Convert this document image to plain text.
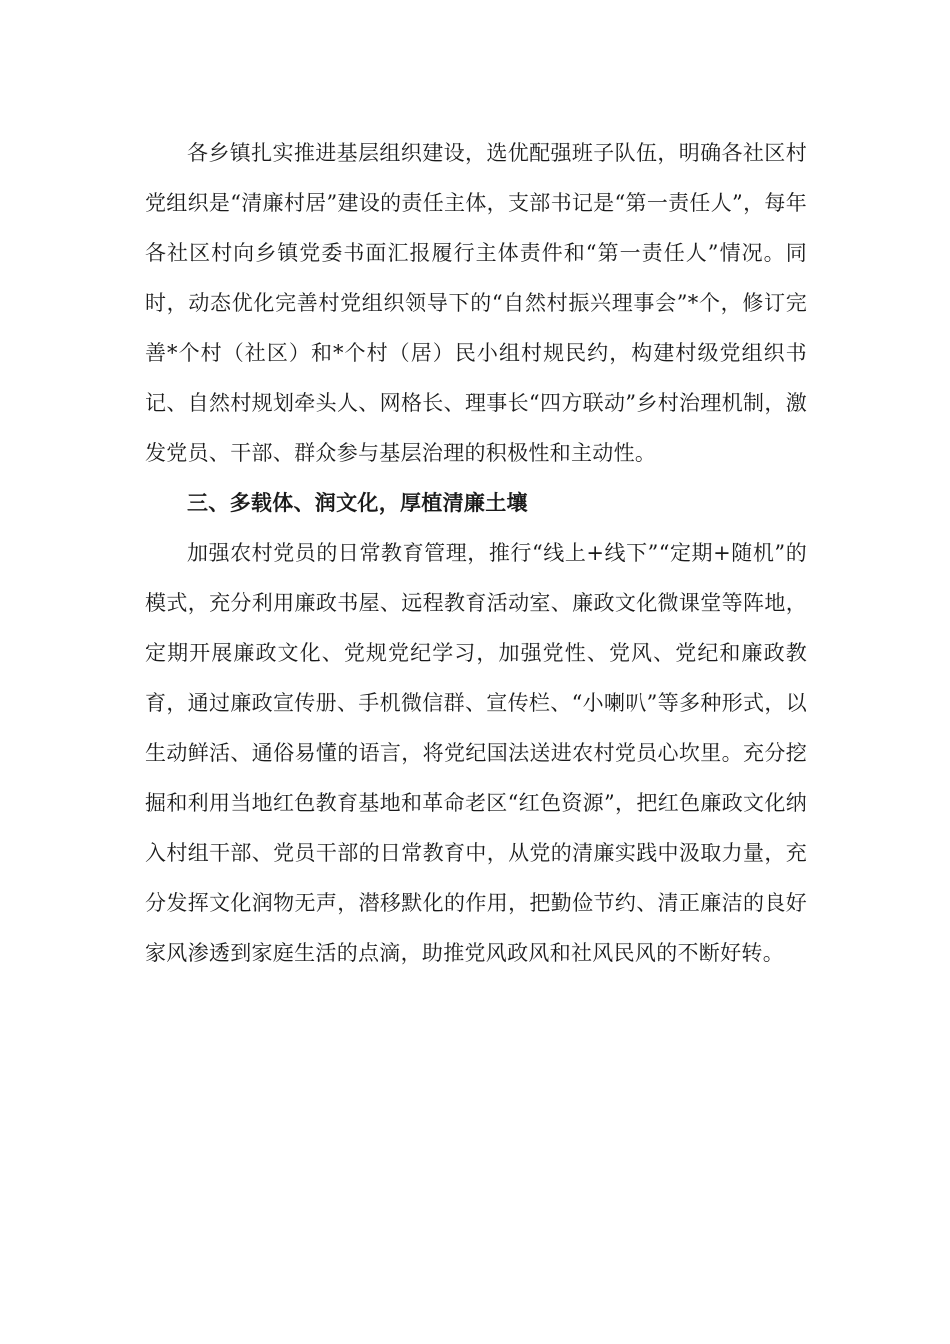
各乡镇扎实推进基层组织建设，选优配强班子队伍，明确各社区村党组织是“清廉村居”建设的责任主体，支部书记是“第一责任人”，每年各社区村向乡镇党委书面汇报履行主体责件和“第一责任人”情况。同时，动态优化完善村党组织领导下的“自然村振兴理事会”*个，修订完善*个村（社区）和*个村（居）民小组村规民约，构建村级党组织书记、自然村规划牵头人、网格长、理事长“四方联动”乡村治理机制，激发党员、干部、群众参与基层治理的积极性和主动性。

三、多载体、润文化，厚植清廉土壤

加强农村党员的日常教育管理，推行“线上+线下”“定期+随机”的模式，充分利用廉政书屋、远程教育活动室、廉政文化微课堂等阵地，定期开展廉政文化、党规党纪学习，加强党性、党风、党纪和廉政教育，通过廉政宣传册、手机微信群、宣传栏、“小喇叭”等多种形式，以生动鲜活、通俗易懂的语言，将党纪国法送进农村党员心坎里。充分挖掘和利用当地红色教育基地和革命老区“红色资源”，把红色廉政文化纳入村组干部、党员干部的日常教育中，从党的清廉实践中汲取力量，充分发挥文化润物无声，潜移默化的作用，把勤俭节约、清正廉洁的良好家风渗透到家庭生活的点滴，助推党风政风和社风民风的不断好转。
